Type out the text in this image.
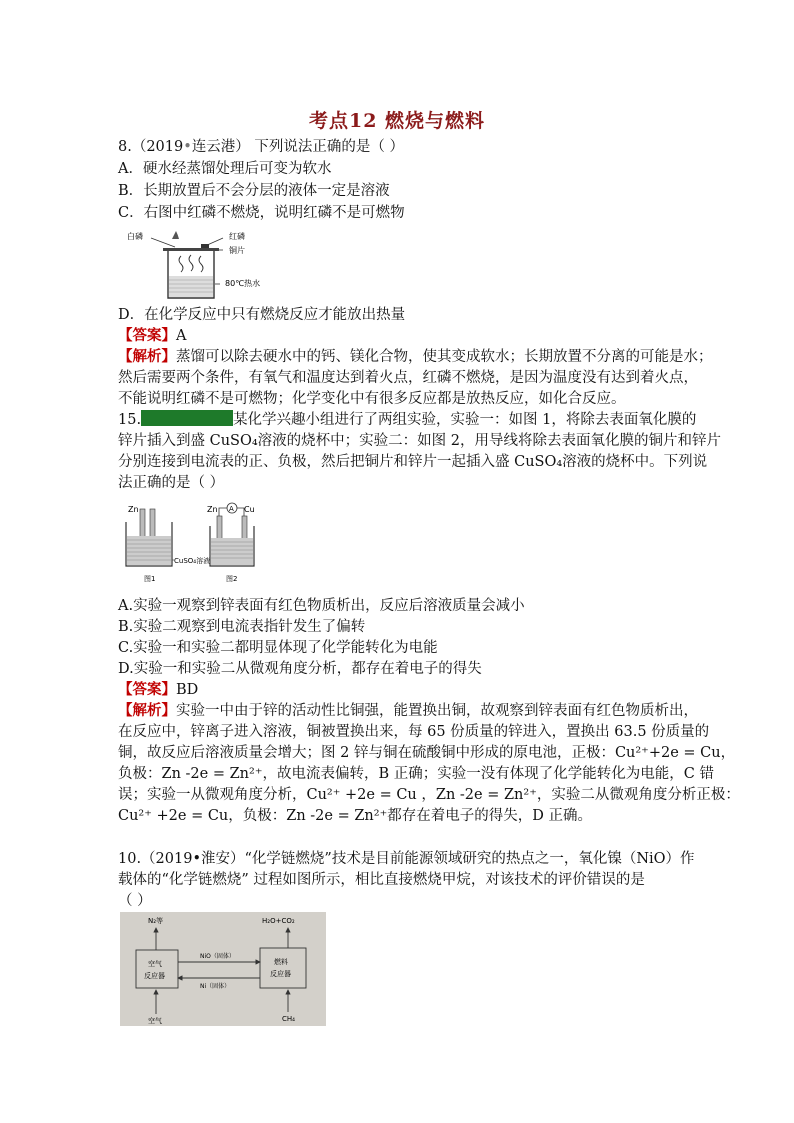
考点12 燃烧与燃料
8.（2019•连云港） 下列说法正确的是（ ）
A．硬水经蒸馏处理后可变为软水
B．长期放置后不会分层的液体一定是溶液
C．右图中红磷不燃烧，说明红磷不是可燃物
白磷	红磷
铜片
80℃热水
D．在化学反应中只有燃烧反应才能放出热量
【答案】A
【解析】蒸馏可以除去硬水中的钙、镁化合物，使其变成软水；长期放置不分离的可能是水；
然后需要两个条件，有氧气和温度达到着火点，红磷不燃烧，是因为温度没有达到着火点，
不能说明红磷不是可燃物；化学变化中有很多反应都是放热反应，如化合反应。
15.	某化学兴趣小组进行了两组实验，实验一：如图 1，将除去表面氧化膜的
锌片插入到盛 CuSO₄溶液的烧杯中；实验二：如图 2，用导线将除去表面氧化膜的铜片和锌片
分别连接到电流表的正、负极，然后把铜片和锌片一起插入盛 CuSO₄溶液的烧杯中。下列说
法正确的是（ ）
Zn
CuSO₄溶液
图1
Zn	Cu
A
图2
A.实验一观察到锌表面有红色物质析出，反应后溶液质量会减小
B.实验二观察到电流表指针发生了偏转
C.实验一和实验二都明显体现了化学能转化为电能
D.实验一和实验二从微观角度分析，都存在着电子的得失
【答案】BD
【解析】实验一中由于锌的活动性比铜强，能置换出铜，故观察到锌表面有红色物质析出，
在反应中，锌离子进入溶液，铜被置换出来，每 65 份质量的锌进入，置换出 63.5 份质量的
铜，故反应后溶液质量会增大；图 2 锌与铜在硫酸铜中形成的原电池，正极：Cu²⁺+2e = Cu，
负极：Zn -2e = Zn²⁺，故电流表偏转，B 正确；实验一没有体现了化学能转化为电能，C 错
误；实验一从微观角度分析，Cu²⁺ +2e = Cu ，Zn -2e = Zn²⁺，实验二从微观角度分析正极：
Cu²⁺ +2e = Cu，负极：Zn -2e = Zn²⁺都存在着电子的得失，D 正确。
10.（2019•淮安）“化学链燃烧”技术是目前能源领域研究的热点之一，氧化镍（NiO）作
载体的“化学链燃烧” 过程如图所示，相比直接燃烧甲烷，对该技术的评价错误的是
（ ）
N₂等	H₂O+CO₂
空气
反应器
燃料
反应器
NiO（固体）
Ni（固体）
空气	CH₄
